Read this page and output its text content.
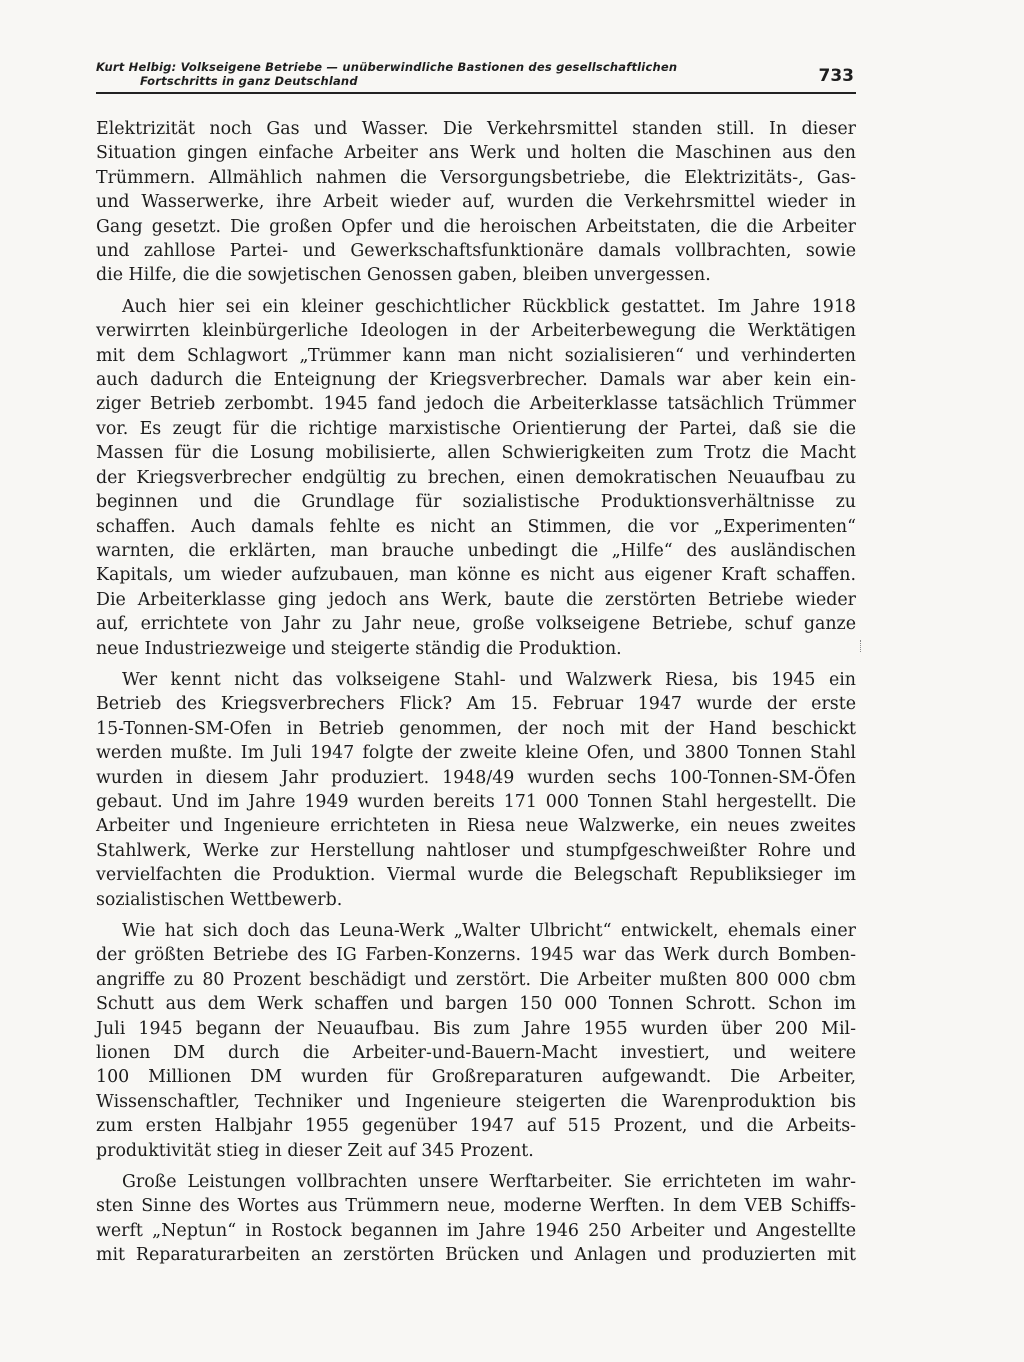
Kurt Helbig: Volkseigene Betriebe — unüberwindliche Bastionen des gesellschaftlichen
Fortschritts in ganz Deutschland	733
Elektrizität noch Gas und Wasser. Die Verkehrsmittel standen still. In dieser
Situation gingen einfache Arbeiter ans Werk und holten die Maschinen aus den
Trümmern. Allmählich nahmen die Versorgungsbetriebe, die Elektrizitäts-, Gas-
und Wasserwerke, ihre Arbeit wieder auf, wurden die Verkehrsmittel wieder in
Gang gesetzt. Die großen Opfer und die heroischen Arbeitstaten, die die Arbeiter
und zahllose Partei- und Gewerkschaftsfunktionäre damals vollbrachten, sowie
die Hilfe, die die sowjetischen Genossen gaben, bleiben unvergessen.
Auch hier sei ein kleiner geschichtlicher Rückblick gestattet. Im Jahre 1918
verwirrten kleinbürgerliche Ideologen in der Arbeiterbewegung die Werktätigen
mit dem Schlagwort „Trümmer kann man nicht sozialisieren“ und verhinderten
auch dadurch die Enteignung der Kriegsverbrecher. Damals war aber kein ein-
ziger Betrieb zerbombt. 1945 fand jedoch die Arbeiterklasse tatsächlich Trümmer
vor. Es zeugt für die richtige marxistische Orientierung der Partei, daß sie die
Massen für die Losung mobilisierte, allen Schwierigkeiten zum Trotz die Macht
der Kriegsverbrecher endgültig zu brechen, einen demokratischen Neuaufbau zu
beginnen und die Grundlage für sozialistische Produktionsverhältnisse zu
schaffen. Auch damals fehlte es nicht an Stimmen, die vor „Experimenten“
warnten, die erklärten, man brauche unbedingt die „Hilfe“ des ausländischen
Kapitals, um wieder aufzubauen, man könne es nicht aus eigener Kraft schaffen.
Die Arbeiterklasse ging jedoch ans Werk, baute die zerstörten Betriebe wieder
auf, errichtete von Jahr zu Jahr neue, große volkseigene Betriebe, schuf ganze
neue Industriezweige und steigerte ständig die Produktion.
Wer kennt nicht das volkseigene Stahl- und Walzwerk Riesa, bis 1945 ein
Betrieb des Kriegsverbrechers Flick? Am 15. Februar 1947 wurde der erste
15-Tonnen-SM-Ofen in Betrieb genommen, der noch mit der Hand beschickt
werden mußte. Im Juli 1947 folgte der zweite kleine Ofen, und 3800 Tonnen Stahl
wurden in diesem Jahr produziert. 1948/49 wurden sechs 100-Tonnen-SM-Öfen
gebaut. Und im Jahre 1949 wurden bereits 171 000 Tonnen Stahl hergestellt. Die
Arbeiter und Ingenieure errichteten in Riesa neue Walzwerke, ein neues zweites
Stahlwerk, Werke zur Herstellung nahtloser und stumpfgeschweißter Rohre und
vervielfachten die Produktion. Viermal wurde die Belegschaft Republiksieger im
sozialistischen Wettbewerb.
Wie hat sich doch das Leuna-Werk „Walter Ulbricht“ entwickelt, ehemals einer
der größten Betriebe des IG Farben-Konzerns. 1945 war das Werk durch Bomben-
angriffe zu 80 Prozent beschädigt und zerstört. Die Arbeiter mußten 800 000 cbm
Schutt aus dem Werk schaffen und bargen 150 000 Tonnen Schrott. Schon im
Juli 1945 begann der Neuaufbau. Bis zum Jahre 1955 wurden über 200 Mil-
lionen DM durch die Arbeiter-und-Bauern-Macht investiert, und weitere
100 Millionen DM wurden für Großreparaturen aufgewandt. Die Arbeiter,
Wissenschaftler, Techniker und Ingenieure steigerten die Warenproduktion bis
zum ersten Halbjahr 1955 gegenüber 1947 auf 515 Prozent, und die Arbeits-
produktivität stieg in dieser Zeit auf 345 Prozent.
Große Leistungen vollbrachten unsere Werftarbeiter. Sie errichteten im wahr-
sten Sinne des Wortes aus Trümmern neue, moderne Werften. In dem VEB Schiffs-
werft „Neptun“ in Rostock begannen im Jahre 1946 250 Arbeiter und Angestellte
mit Reparaturarbeiten an zerstörten Brücken und Anlagen und produzierten mit
